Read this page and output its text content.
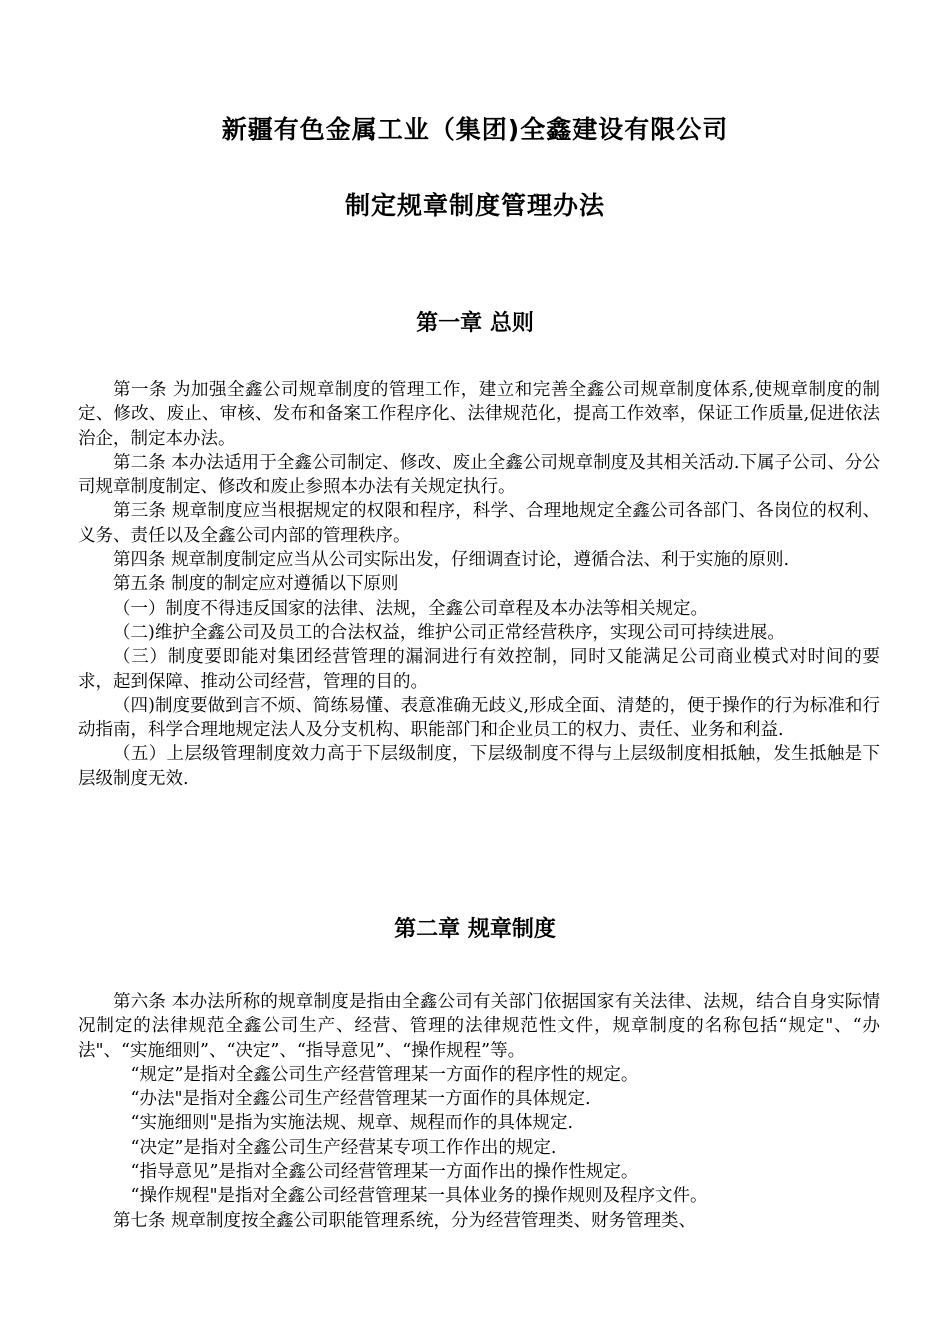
新疆有色金属工业（集团)全鑫建设有限公司
制定规章制度管理办法
第一章 总则

第一条 为加强全鑫公司规章制度的管理工作，建立和完善全鑫公司规章制度体系,使规章制度的制定、修改、废止、审核、发布和备案工作程序化、法律规范化，提高工作效率，保证工作质量,促进依法治企，制定本办法。

第二条 本办法适用于全鑫公司制定、修改、废止全鑫公司规章制度及其相关活动.下属子公司、分公司规章制度制定、修改和废止参照本办法有关规定执行。

第三条 规章制度应当根据规定的权限和程序，科学、合理地规定全鑫公司各部门、各岗位的权利、义务、责任以及全鑫公司内部的管理秩序。

第四条 规章制度制定应当从公司实际出发，仔细调查讨论，遵循合法、利于实施的原则.

第五条 制度的制定应对遵循以下原则

（一）制度不得违反国家的法律、法规，全鑫公司章程及本办法等相关规定。

（二)维护全鑫公司及员工的合法权益，维护公司正常经营秩序，实现公司可持续进展。

（三）制度要即能对集团经营管理的漏洞进行有效控制，同时又能满足公司商业模式对时间的要求，起到保障、推动公司经营，管理的目的。

（四)制度要做到言不烦、简练易懂、表意准确无歧义,形成全面、清楚的，便于操作的行为标准和行动指南，科学合理地规定法人及分支机构、职能部门和企业员工的权力、责任、业务和利益.

（五）上层级管理制度效力高于下层级制度，下层级制度不得与上层级制度相抵触，发生抵触是下层级制度无效.

第二章 规章制度

第六条 本办法所称的规章制度是指由全鑫公司有关部门依据国家有关法律、法规，结合自身实际情况制定的法律规范全鑫公司生产、经营、管理的法律规范性文件，规章制度的名称包括“规定"、“办法"、“实施细则”、“决定”、“指导意见”、“操作规程”等。

“规定”是指对全鑫公司生产经营管理某一方面作的程序性的规定。

“办法"是指对全鑫公司生产经营管理某一方面作的具体规定.

“实施细则"是指为实施法规、规章、规程而作的具体规定.

“决定”是指对全鑫公司生产经营某专项工作作出的规定.

“指导意见”是指对全鑫公司经营管理某一方面作出的操作性规定。

“操作规程"是指对全鑫公司经营管理某一具体业务的操作规则及程序文件。

第七条 规章制度按全鑫公司职能管理系统，分为经营管理类、财务管理类、
